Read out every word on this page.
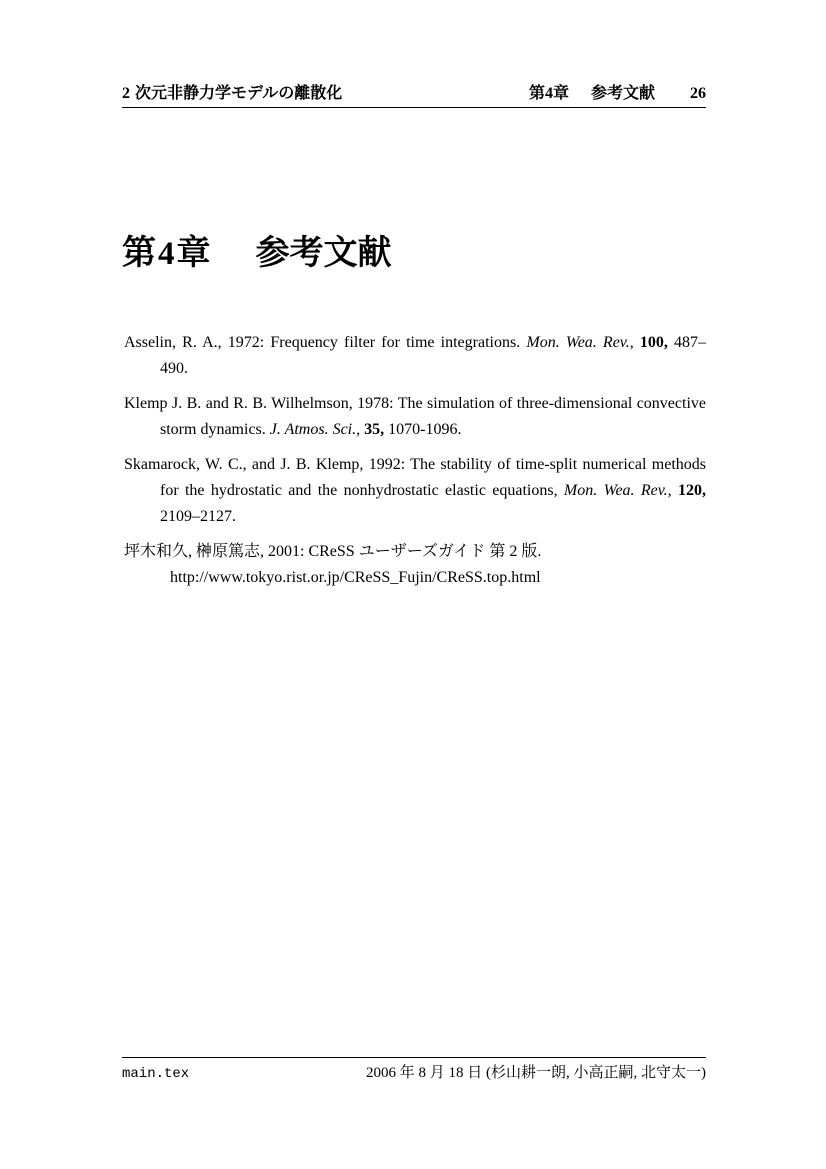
2 次元非静力学モデルの離散化	第4章 参考文献 26
第4章 参考文献

Asselin, R. A., 1972: Frequency filter for time integrations. Mon. Wea. Rev., 100, 487–490.

Klemp J. B. and R. B. Wilhelmson, 1978: The simulation of three-dimensional convective storm dynamics. J. Atmos. Sci., 35, 1070-1096.

Skamarock, W. C., and J. B. Klemp, 1992: The stability of time-split numerical methods for the hydrostatic and the nonhydrostatic elastic equations, Mon. Wea. Rev., 120, 2109–2127.

坪木和久, 榊原篤志, 2001: CReSS ユーザーズガイド 第 2 版.
http://www.tokyo.rist.or.jp/CReSS_Fujin/CReSS.top.html

main.tex	2006 年 8 月 18 日 (杉山耕一朗, 小高正嗣, 北守太一)
